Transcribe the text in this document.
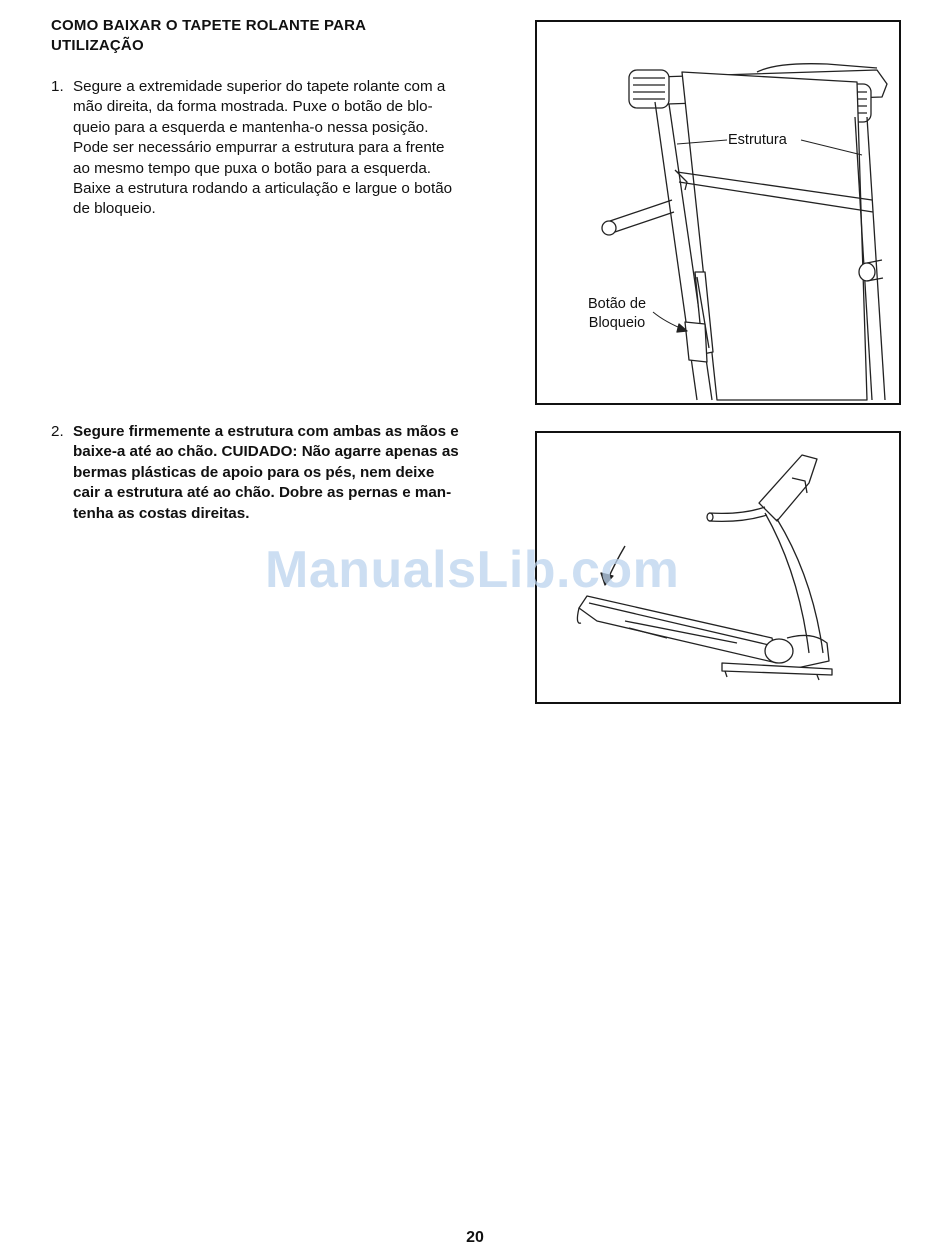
COMO BAIXAR O TAPETE ROLANTE PARA
UTILIZAÇÃO
1. Segure a extremidade superior do tapete rolante com a
mão direita, da forma mostrada. Puxe o botão de blo-
queio para a esquerda e mantenha-o nessa posição.
Pode ser necessário empurrar a estrutura para a frente
ao mesmo tempo que puxa o botão para a esquerda.
Baixe a estrutura rodando a articulação e largue o botão
de bloqueio.
2. Segure firmemente a estrutura com ambas as mãos e
baixe-a até ao chão. CUIDADO: Não agarre apenas as
bermas plásticas de apoio para os pés, nem deixe
cair a estrutura até ao chão. Dobre as pernas e man-
tenha as costas direitas.
Estrutura
Botão de
Bloqueio
ManualsLib.com
20
